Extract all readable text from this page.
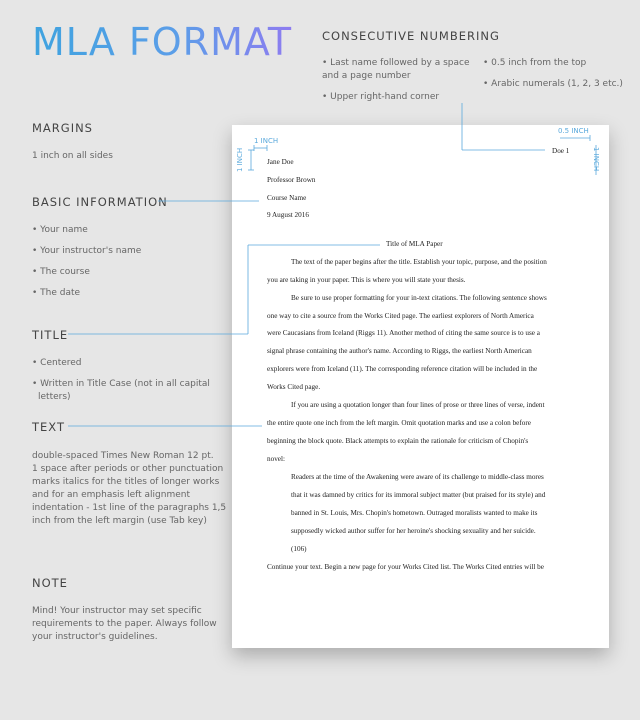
MLA FORMAT	CONSECUTIVE NUMBERING
• Last name followed by a space
and a page number
• Upper right-hand corner
• 0.5 inch from the top
• Arabic numerals (1, 2, 3 etc.)
MARGINS
1 inch on all sides
BASIC INFORMATION
• Your name
• Your instructor's name
• The course
• The date
TITLE
• Centered
• Written in Title Case (not in all capital
letters)
TEXT
double-spaced Times New Roman 12 pt.
1 space after periods or other punctuation
marks italics for the titles of longer works
and for an emphasis left alignment
indentation - 1st line of the paragraphs 1,5
inch from the left margin (use Tab key)
NOTE
Mind! Your instructor may set specific
requirements to the paper. Always follow
your instructor's guidelines.
1 INCH
1 INCH
0.5 INCH
1 INCH
Doe 1
Jane Doe
Professor Brown
Course Name
9 August 2016
Title of MLA Paper
The text of the paper begins after the title. Establish your topic, purpose, and the position
you are taking in your paper. This is where you will state your thesis.
Be sure to use proper formatting for your in-text citations. The following sentence shows
one way to cite a source from the Works Cited page. The earliest explorers of North America
were Caucasians from Iceland (Riggs 11). Another method of citing the same source is to use a
signal phrase containing the author's name. According to Riggs, the earliest North American
explorers were from Iceland (11). The corresponding reference citation will be included in the
Works Cited page.
If you are using a quotation longer than four lines of prose or three lines of verse, indent
the entire quote one inch from the left margin. Omit quotation marks and use a colon before
beginning the block quote. Black attempts to explain the rationale for criticism of Chopin's
novel:
Readers at the time of the Awakening were aware of its challenge to middle-class mores
that it was damned by critics for its immoral subject matter (but praised for its style) and
banned in St. Louis, Mrs. Chopin's hometown. Outraged moralists wanted to make its
supposedly wicked author suffer for her heroine's shocking sexuality and her suicide.
(106)
Continue your text. Begin a new page for your Works Cited list. The Works Cited entries will be
